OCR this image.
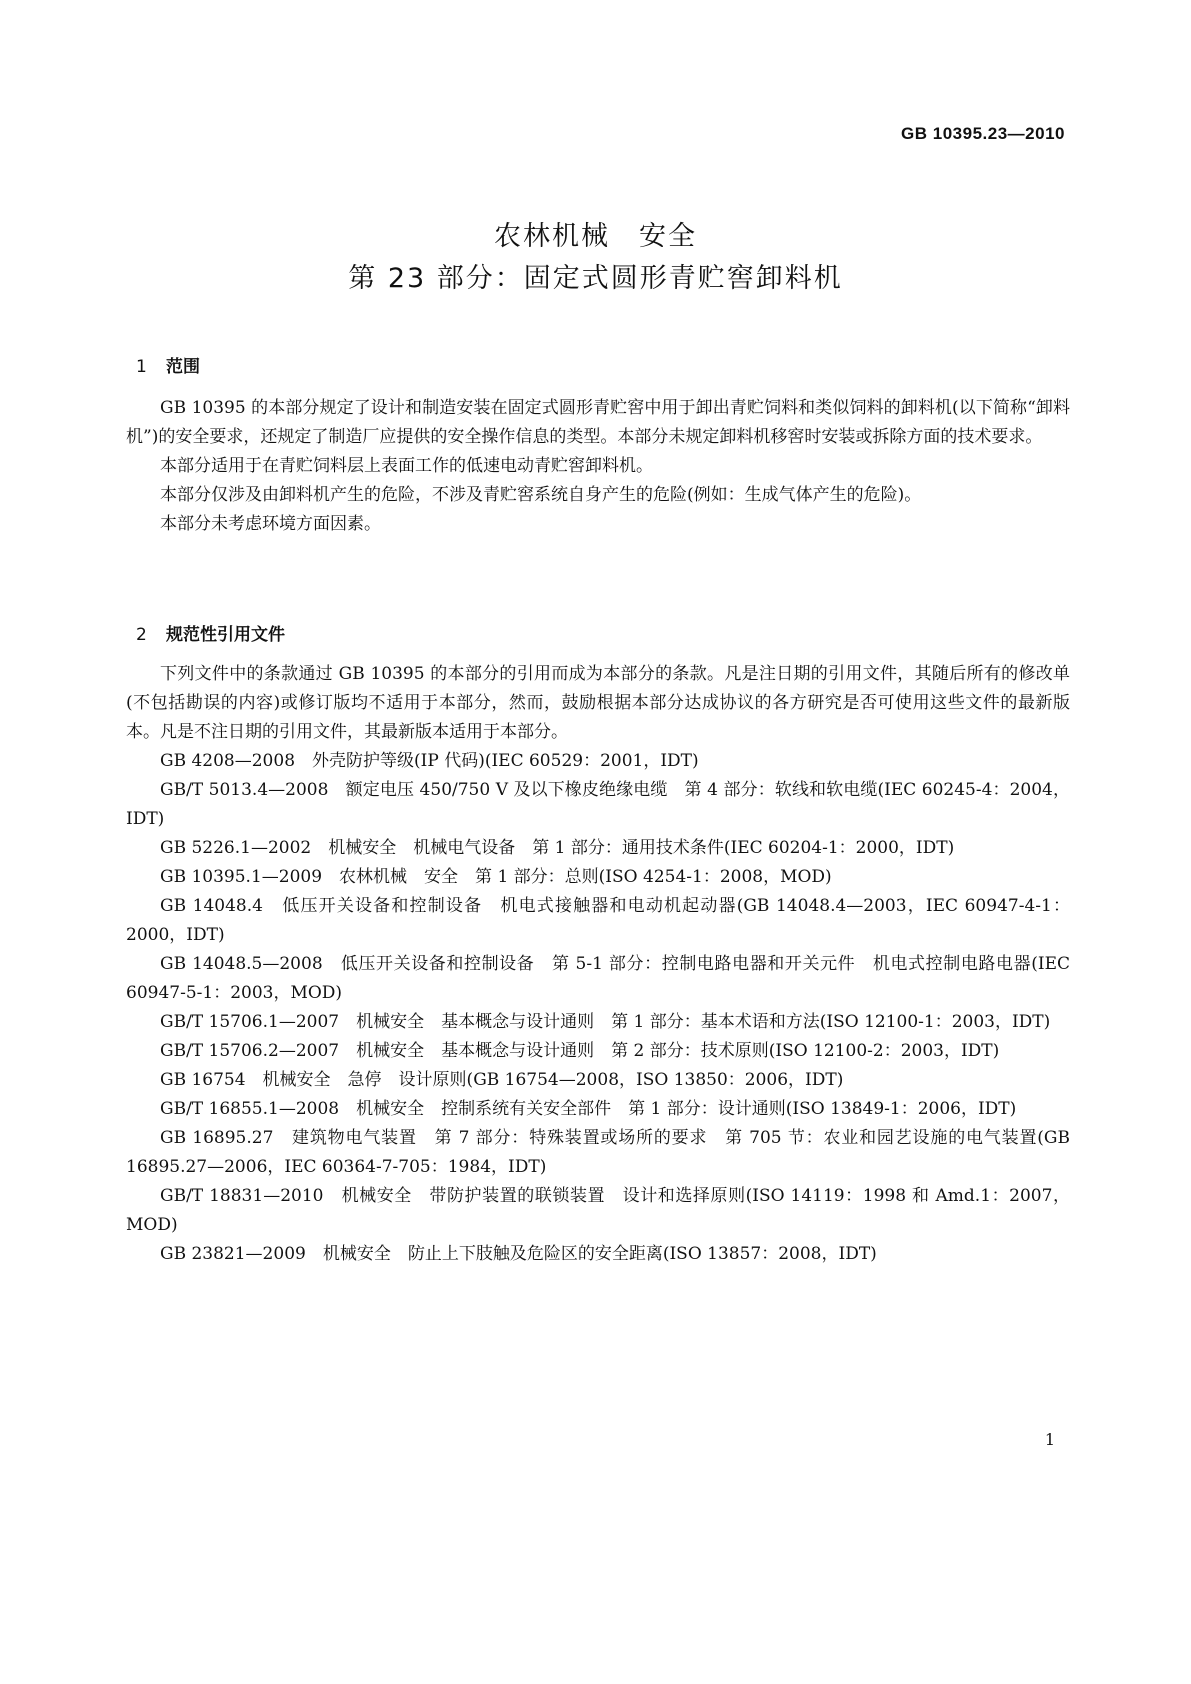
GB 10395.23—2010
农林机械　安全
第 23 部分：固定式圆形青贮窖卸料机
1 范围

GB 10395 的本部分规定了设计和制造安装在固定式圆形青贮窖中用于卸出青贮饲料和类似饲料的卸料机(以下简称“卸料机”)的安全要求，还规定了制造厂应提供的安全操作信息的类型。本部分未规定卸料机移窖时安装或拆除方面的技术要求。

本部分适用于在青贮饲料层上表面工作的低速电动青贮窖卸料机。

本部分仅涉及由卸料机产生的危险，不涉及青贮窖系统自身产生的危险(例如：生成气体产生的危险)。

本部分未考虑环境方面因素。

2 规范性引用文件

下列文件中的条款通过 GB 10395 的本部分的引用而成为本部分的条款。凡是注日期的引用文件，其随后所有的修改单(不包括勘误的内容)或修订版均不适用于本部分，然而，鼓励根据本部分达成协议的各方研究是否可使用这些文件的最新版本。凡是不注日期的引用文件，其最新版本适用于本部分。

GB 4208—2008　外壳防护等级(IP 代码)(IEC 60529：2001，IDT)

GB/T 5013.4—2008　额定电压 450/750 V 及以下橡皮绝缘电缆　第 4 部分：软线和软电缆(IEC 60245-4：2004，IDT)

GB 5226.1—2002　机械安全　机械电气设备　第 1 部分：通用技术条件(IEC 60204-1：2000，IDT)

GB 10395.1—2009　农林机械　安全　第 1 部分：总则(ISO 4254-1：2008，MOD)

GB 14048.4　低压开关设备和控制设备　机电式接触器和电动机起动器(GB 14048.4—2003，IEC 60947-4-1：2000，IDT)

GB 14048.5—2008　低压开关设备和控制设备　第 5-1 部分：控制电路电器和开关元件　机电式控制电路电器(IEC 60947-5-1：2003，MOD)

GB/T 15706.1—2007　机械安全　基本概念与设计通则　第 1 部分：基本术语和方法(ISO 12100-1：2003，IDT)

GB/T 15706.2—2007　机械安全　基本概念与设计通则　第 2 部分：技术原则(ISO 12100-2：2003，IDT)

GB 16754　机械安全　急停　设计原则(GB 16754—2008，ISO 13850：2006，IDT)

GB/T 16855.1—2008　机械安全　控制系统有关安全部件　第 1 部分：设计通则(ISO 13849-1：2006，IDT)

GB 16895.27　建筑物电气装置　第 7 部分：特殊装置或场所的要求　第 705 节：农业和园艺设施的电气装置(GB 16895.27—2006，IEC 60364-7-705：1984，IDT)

GB/T 18831—2010　机械安全　带防护装置的联锁装置　设计和选择原则(ISO 14119：1998 和 Amd.1：2007，MOD)

GB 23821—2009　机械安全　防止上下肢触及危险区的安全距离(ISO 13857：2008，IDT)

1
